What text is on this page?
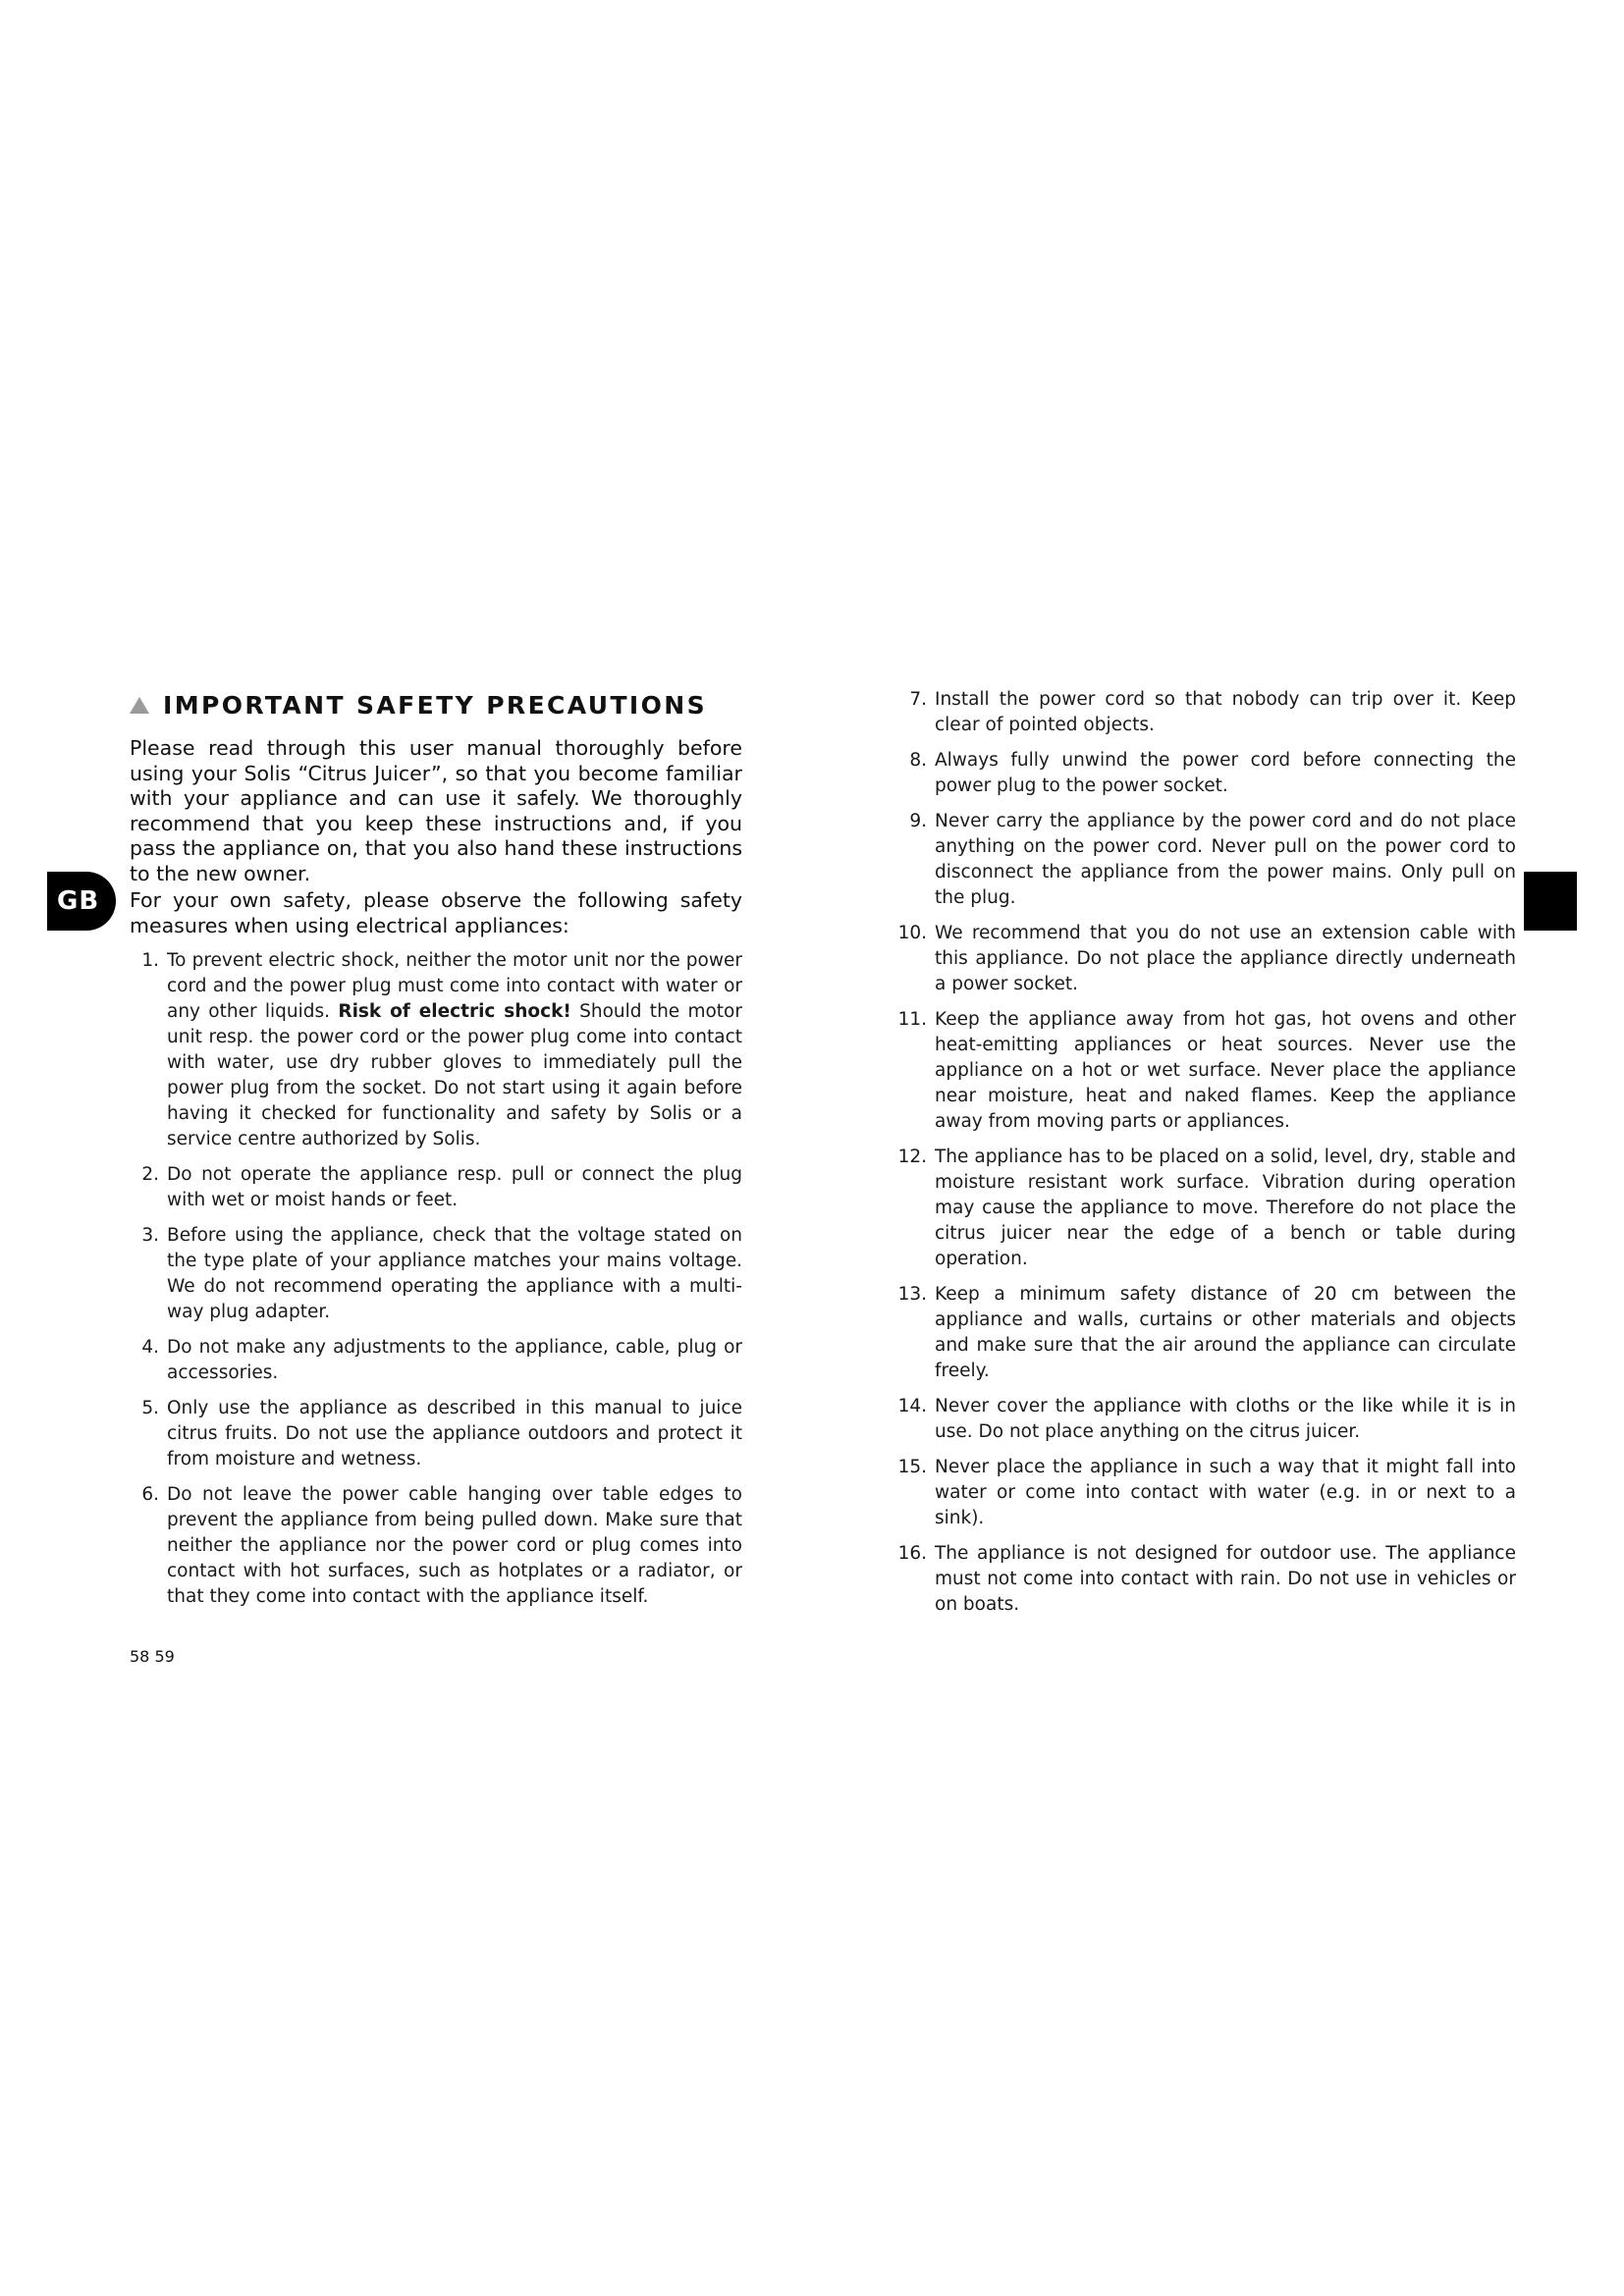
GB
IMPORTANT SAFETY PRECAUTIONS

Please read through this user manual thoroughly before using your Solis “Citrus Juicer”, so that you become familiar with your appliance and can use it safely. We thoroughly recommend that you keep these instructions and, if you pass the appliance on, that you also hand these instructions to the new owner.

For your own safety, please observe the following safety measures when using electrical appliances:

1. To prevent electric shock, neither the motor unit nor the power cord and the power plug must come into contact with water or any other liquids. Risk of electric shock! Should the motor unit resp. the power cord or the power plug come into contact with water, use dry rubber gloves to immediately pull the power plug from the socket. Do not start using it again before having it checked for functionality and safety by Solis or a service centre authorized by Solis.
2. Do not operate the appliance resp. pull or connect the plug with wet or moist hands or feet.
3. Before using the appliance, check that the voltage stated on the type plate of your appliance matches your mains voltage. We do not recommend operating the appliance with a multi-way plug adapter.
4. Do not make any adjustments to the appliance, cable, plug or accessories.
5. Only use the appliance as described in this manual to juice citrus fruits. Do not use the appliance outdoors and protect it from moisture and wetness.
6. Do not leave the power cable hanging over table edges to prevent the appliance from being pulled down. Make sure that neither the appliance nor the power cord or plug comes into contact with hot surfaces, such as hotplates or a radiator, or that they come into contact with the appliance itself.
7. Install the power cord so that nobody can trip over it. Keep clear of pointed objects.
8. Always fully unwind the power cord before connecting the power plug to the power socket.
9. Never carry the appliance by the power cord and do not place anything on the power cord. Never pull on the power cord to disconnect the appliance from the power mains. Only pull on the plug.
10. We recommend that you do not use an extension cable with this appliance. Do not place the appliance directly underneath a power socket.
11. Keep the appliance away from hot gas, hot ovens and other heat-emitting appliances or heat sources. Never use the appliance on a hot or wet surface. Never place the appliance near moisture, heat and naked flames. Keep the appliance away from moving parts or appliances.
12. The appliance has to be placed on a solid, level, dry, stable and moisture resistant work surface. Vibration during operation may cause the appliance to move. Therefore do not place the citrus juicer near the edge of a bench or table during operation.
13. Keep a minimum safety distance of 20 cm between the appliance and walls, curtains or other materials and objects and make sure that the air around the appliance can circulate freely.
14. Never cover the appliance with cloths or the like while it is in use. Do not place anything on the citrus juicer.
15. Never place the appliance in such a way that it might fall into water or come into contact with water (e.g. in or next to a sink).
16. The appliance is not designed for outdoor use. The appliance must not come into contact with rain. Do not use in vehicles or on boats.
58 59
